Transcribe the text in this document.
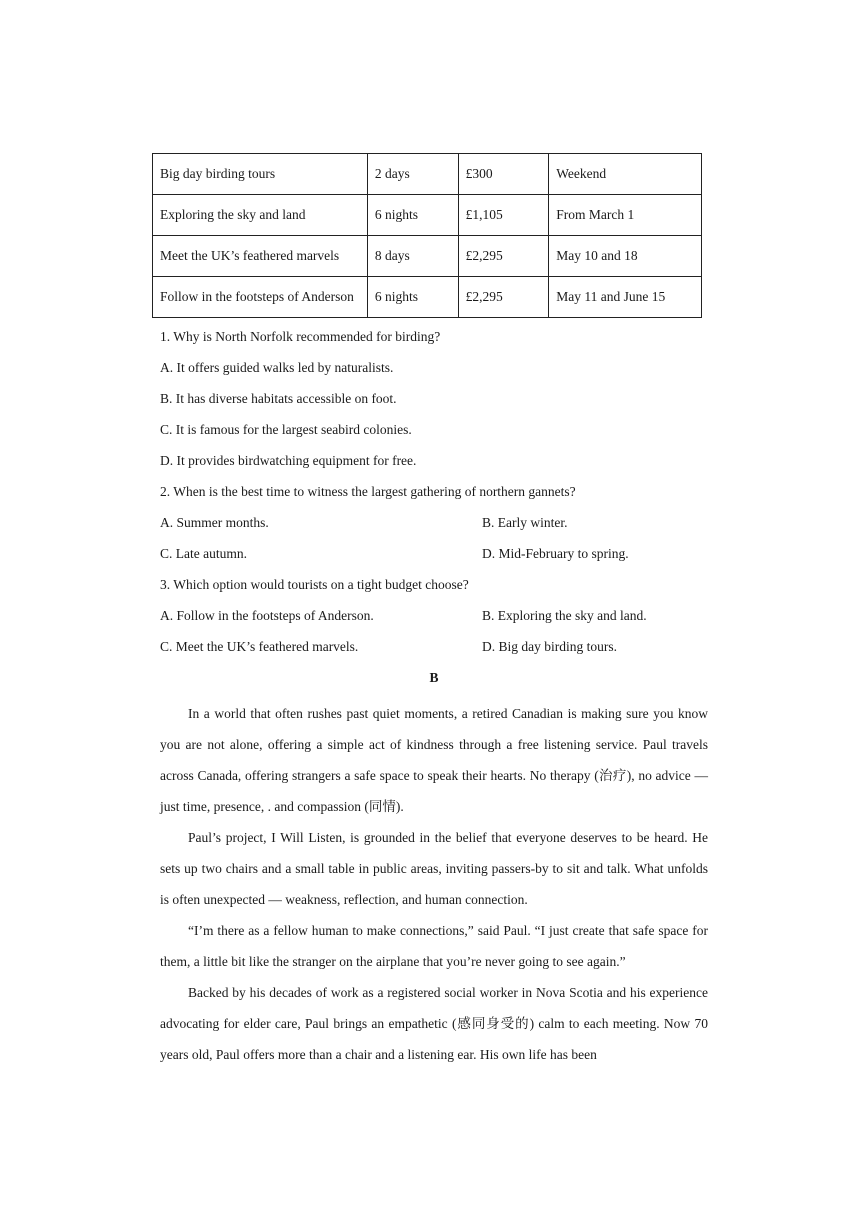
Big day birding tours	2 days	£300	Weekend
Exploring the sky and land	6 nights	£1,105	From March 1
Meet the UK’s feathered marvels	8 days	£2,295	May 10 and 18
Follow in the footsteps of Anderson	6 nights	£2,295	May 11 and June 15
1. Why is North Norfolk recommended for birding?
A. It offers guided walks led by naturalists.
B. It has diverse habitats accessible on foot.
C. It is famous for the largest seabird colonies.
D. It provides birdwatching equipment for free.
2. When is the best time to witness the largest gathering of northern gannets?
A. Summer months.	B. Early winter.
C. Late autumn.	D. Mid-February to spring.
3. Which option would tourists on a tight budget choose?
A. Follow in the footsteps of Anderson.	B. Exploring the sky and land.
C. Meet the UK’s feathered marvels.	D. Big day birding tours.
B

In a world that often rushes past quiet moments, a retired Canadian is making sure you know you are not alone, offering a simple act of kindness through a free listening service. Paul travels across Canada, offering strangers a safe space to speak their hearts. No therapy (治疗), no advice — just time, presence, . and compassion (同情).

Paul’s project, I Will Listen, is grounded in the belief that everyone deserves to be heard. He sets up two chairs and a small table in public areas, inviting passers-by to sit and talk. What unfolds is often unexpected — weakness, reflection, and human connection.

“I’m there as a fellow human to make connections,” said Paul. “I just create that safe space for them, a little bit like the stranger on the airplane that you’re never going to see again.”

Backed by his decades of work as a registered social worker in Nova Scotia and his experience advocating for elder care, Paul brings an empathetic (感同身受的) calm to each meeting. Now 70 years old, Paul offers more than a chair and a listening ear. His own life has been
